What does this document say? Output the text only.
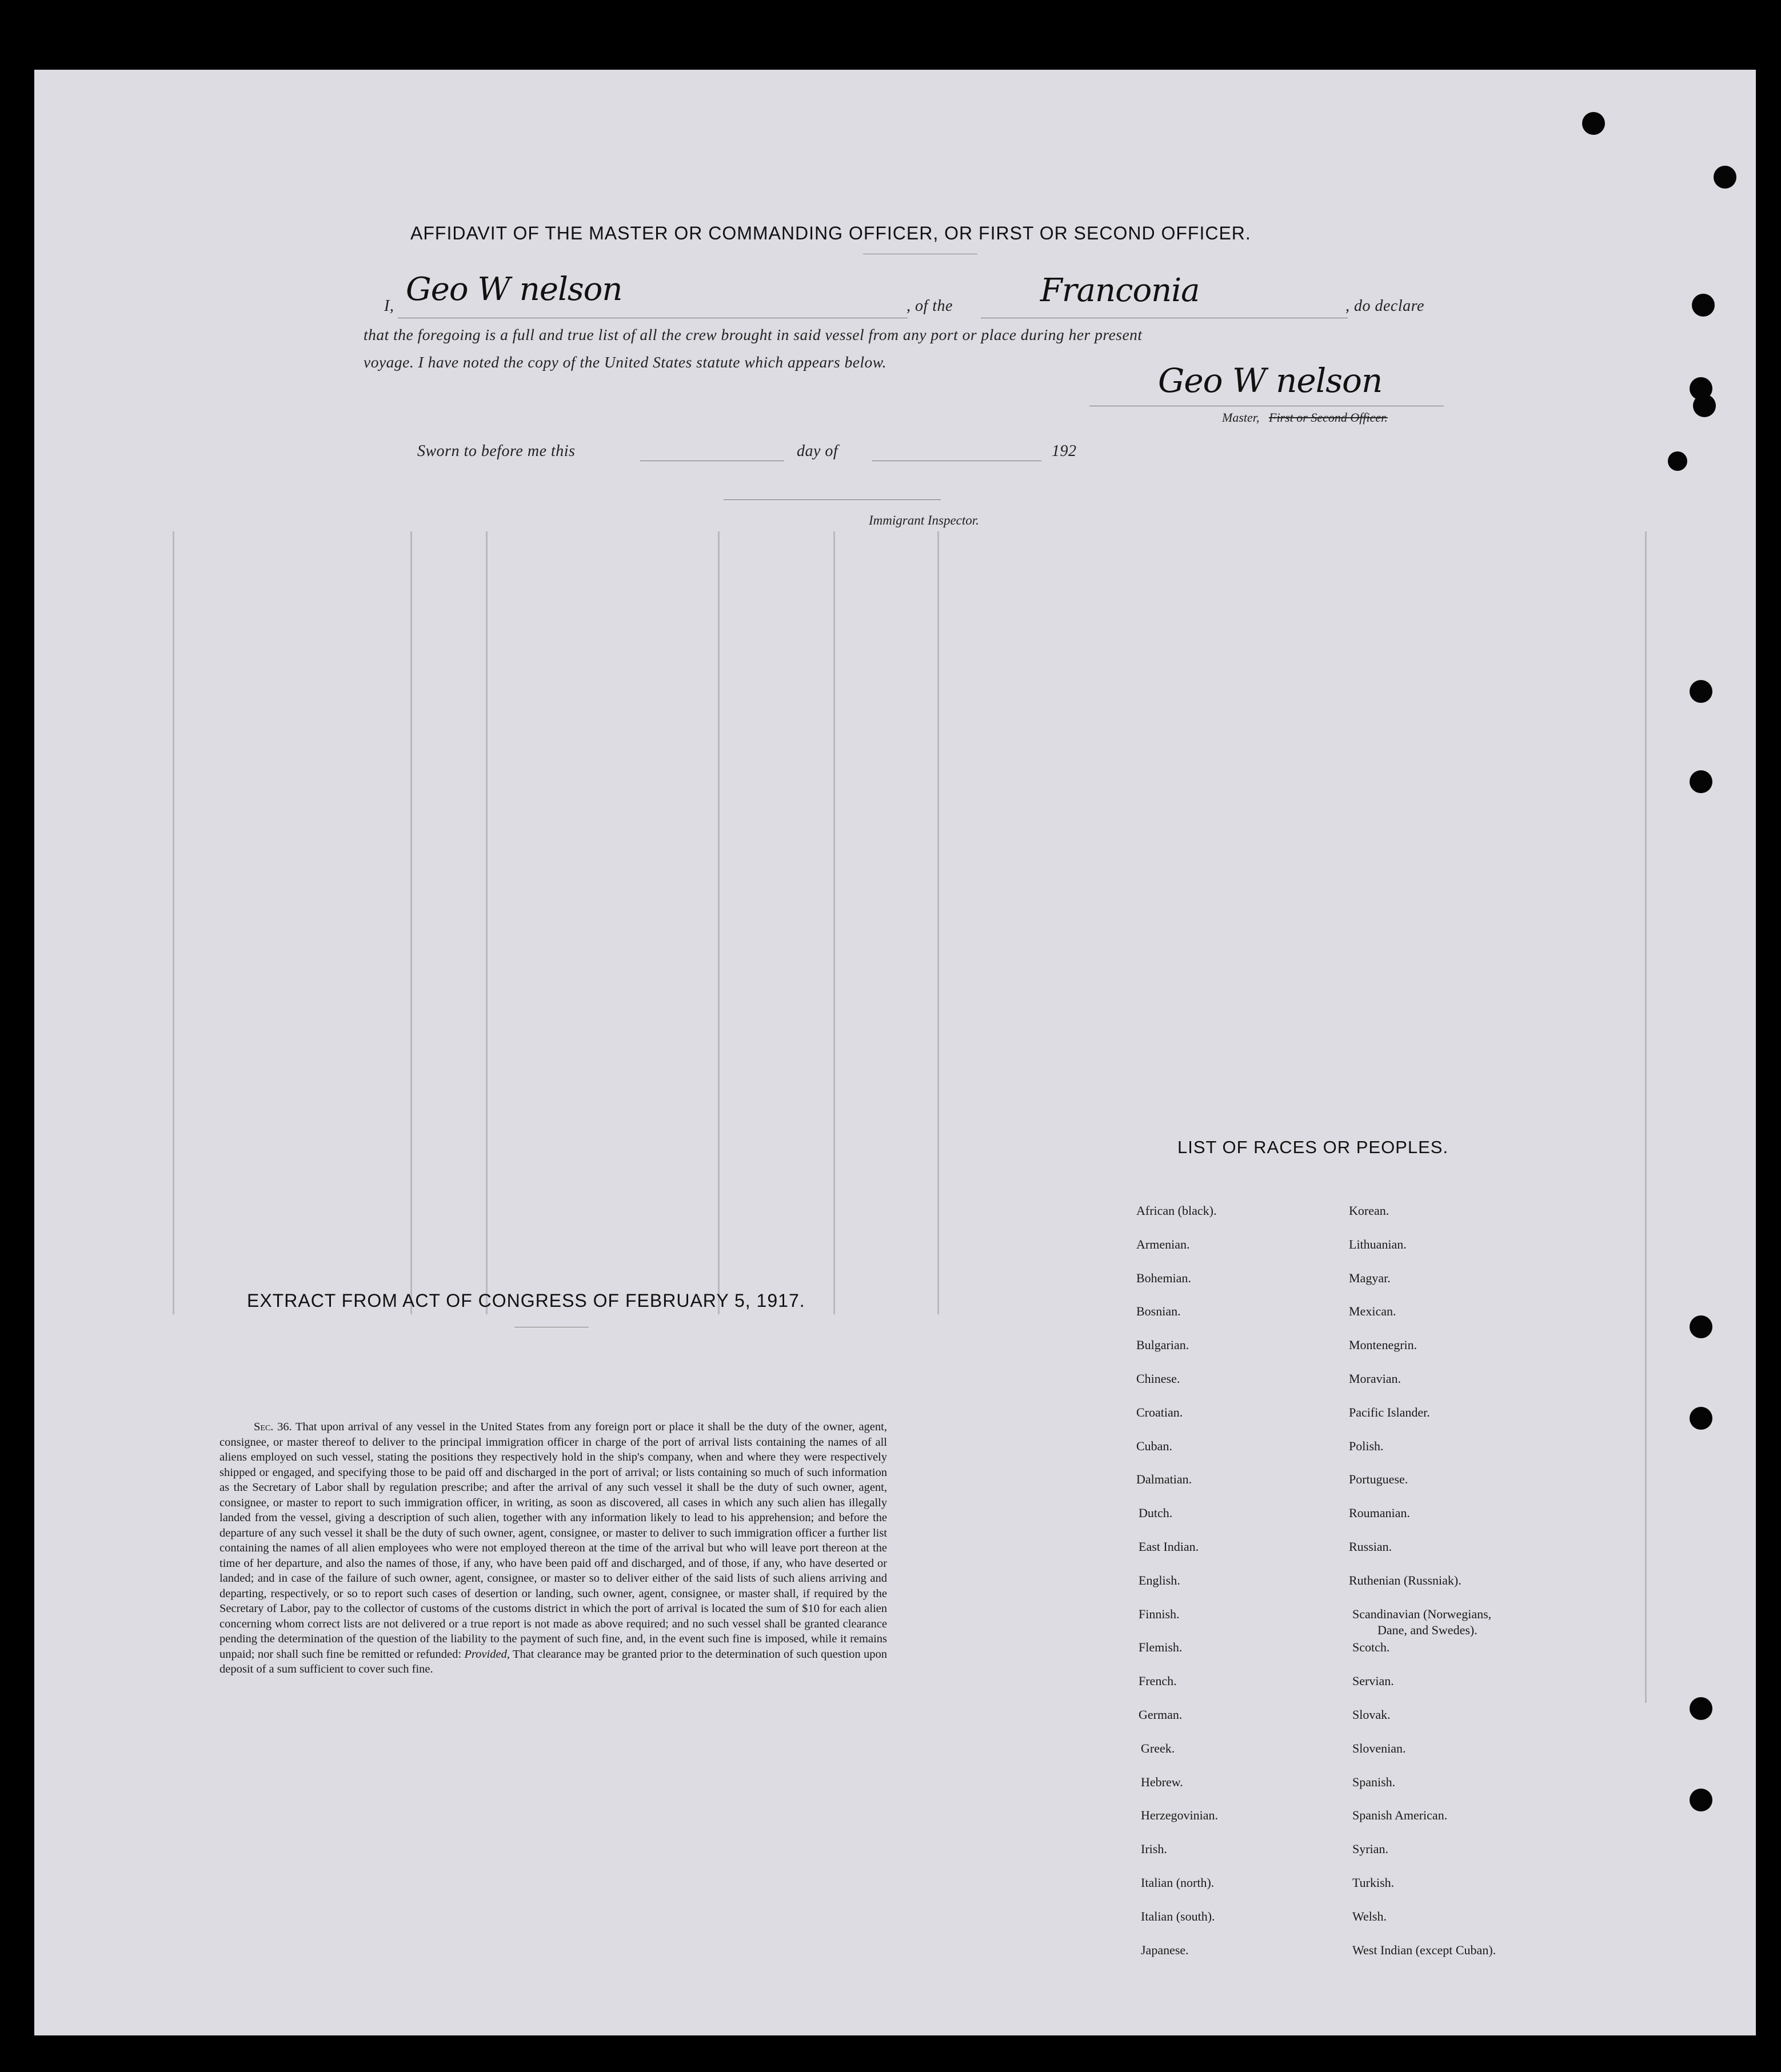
AFFIDAVIT OF THE MASTER OR COMMANDING OFFICER, OR FIRST OR SECOND OFFICER.
I, Geo W nelson	, of the	Franconia	, do declare
that the foregoing is a full and true list of all the crew brought in said vessel from any port or place during her present
voyage. I have noted the copy of the United States statute which appears below.	Geo W nelson
Master, First or Second Officer.
Sworn to before me this	day of	192
Immigrant Inspector.
EXTRACT FROM ACT OF CONGRESS OF FEBRUARY 5, 1917.
Sec. 36. That upon arrival of any vessel in the United States from any foreign port or place it shall be the duty of the owner, agent, consignee, or master thereof to deliver to the principal immigration officer in charge of the port of arrival lists containing the names of all aliens employed on such vessel, stating the positions they respectively hold in the ship's company, when and where they were respectively shipped or engaged, and specifying those to be paid off and discharged in the port of arrival; or lists containing so much of such information as the Secretary of Labor shall by regulation prescribe; and after the arrival of any such vessel it shall be the duty of such owner, agent, consignee, or master to report to such immigration officer, in writing, as soon as discovered, all cases in which any such alien has illegally landed from the vessel, giving a description of such alien, together with any information likely to lead to his apprehension; and before the departure of any such vessel it shall be the duty of such owner, agent, consignee, or master to deliver to such immigration officer a further list containing the names of all alien employees who were not employed thereon at the time of the arrival but who will leave port thereon at the time of her departure, and also the names of those, if any, who have been paid off and discharged, and of those, if any, who have deserted or landed; and in case of the failure of such owner, agent, consignee, or master so to deliver either of the said lists of such aliens arriving and departing, respectively, or so to report such cases of desertion or landing, such owner, agent, consignee, or master shall, if required by the Secretary of Labor, pay to the collector of customs of the customs district in which the port of arrival is located the sum of $10 for each alien concerning whom correct lists are not delivered or a true report is not made as above required; and no such vessel shall be granted clearance pending the determination of the question of the liability to the payment of such fine, and, in the event such fine is imposed, while it remains unpaid; nor shall such fine be remitted or refunded: Provided, That clearance may be granted prior to the determination of such question upon deposit of a sum sufficient to cover such fine.
LIST OF RACES OR PEOPLES.
African (black).
Armenian.
Bohemian.
Bosnian.
Bulgarian.
Chinese.
Croatian.
Cuban.
Dalmatian.
Dutch.
East Indian.
English.
Finnish.
Flemish.
French.
German.
Greek.
Hebrew.
Herzegovinian.
Irish.
Italian (north).
Italian (south).
Japanese.
Korean.
Lithuanian.
Magyar.
Mexican.
Montenegrin.
Moravian.
Pacific Islander.
Polish.
Portuguese.
Roumanian.
Russian.
Ruthenian (Russniak).
Scandinavian (Norwegians,
Dane, and Swedes).
Scotch.
Servian.
Slovak.
Slovenian.
Spanish.
Spanish American.
Syrian.
Turkish.
Welsh.
West Indian (except Cuban).
